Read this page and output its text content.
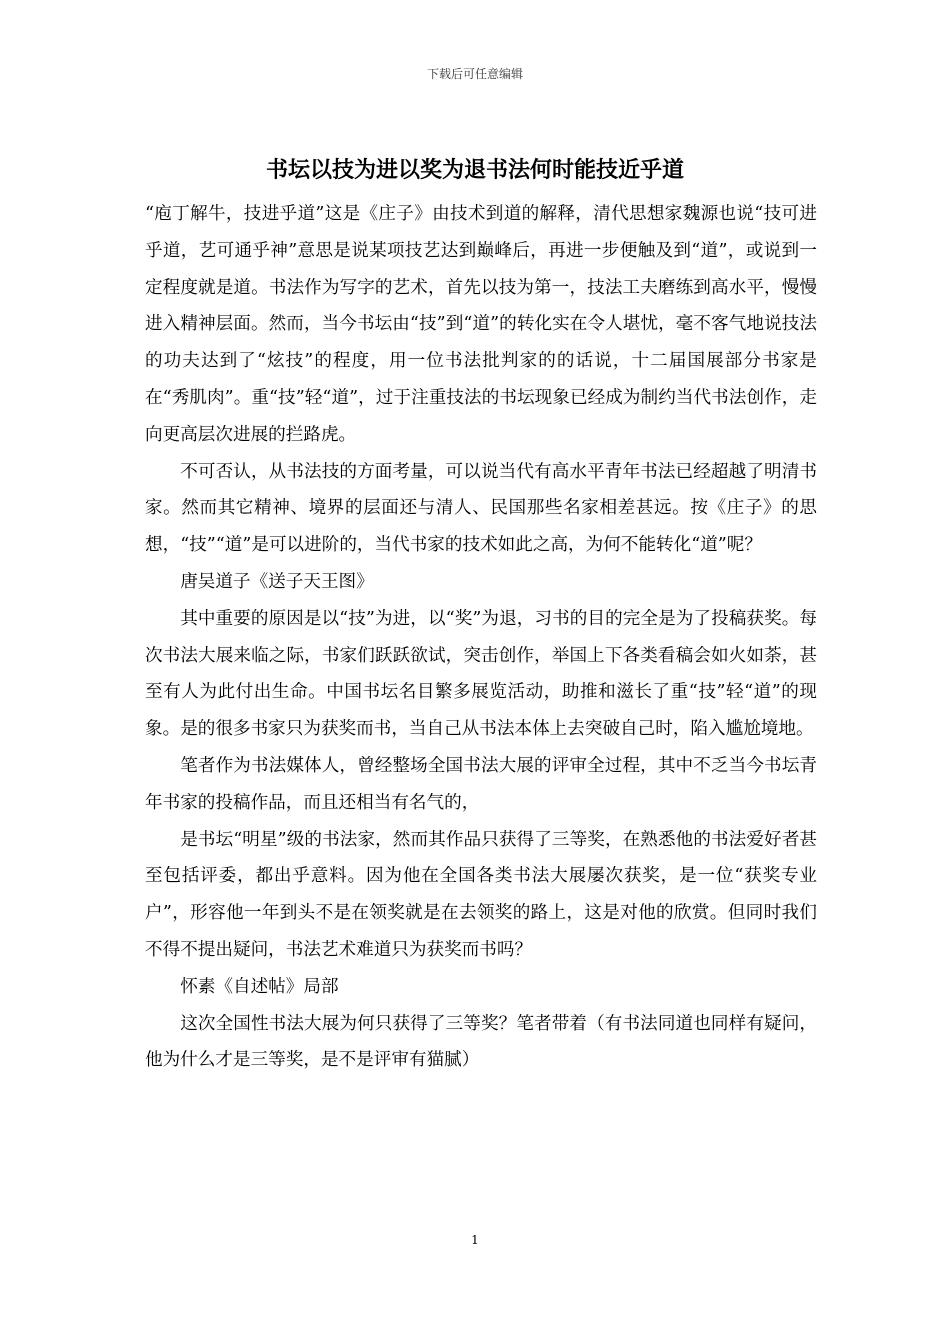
下载后可任意编辑
书坛以技为进以奖为退书法何时能技近乎道

“庖丁解牛，技进乎道”这是《庄子》由技术到道的解释，清代思想家魏源也说“技可进乎道，艺可通乎神”意思是说某项技艺达到巅峰后，再进一步便触及到“道”，或说到一定程度就是道。书法作为写字的艺术，首先以技为第一，技法工夫磨练到高水平，慢慢进入精神层面。然而，当今书坛由“技”到“道”的转化实在令人堪忧，毫不客气地说技法的功夫达到了“炫技”的程度，用一位书法批判家的的话说，十二届国展部分书家是在“秀肌肉”。重“技”轻“道”，过于注重技法的书坛现象已经成为制约当代书法创作，走向更高层次进展的拦路虎。

不可否认，从书法技的方面考量，可以说当代有高水平青年书法已经超越了明清书家。然而其它精神、境界的层面还与清人、民国那些名家相差甚远。按《庄子》的思想，“技”“道”是可以进阶的，当代书家的技术如此之高，为何不能转化“道”呢？

唐吴道子《送子天王图》

其中重要的原因是以“技”为进，以“奖”为退，习书的目的完全是为了投稿获奖。每次书法大展来临之际，书家们跃跃欲试，突击创作，举国上下各类看稿会如火如荼，甚至有人为此付出生命。中国书坛名目繁多展览活动，助推和滋长了重“技”轻“道”的现象。是的很多书家只为获奖而书，当自己从书法本体上去突破自己时，陷入尴尬境地。

笔者作为书法媒体人，曾经整场全国书法大展的评审全过程，其中不乏当今书坛青年书家的投稿作品，而且还相当有名气的，

是书坛“明星”级的书法家，然而其作品只获得了三等奖，在熟悉他的书法爱好者甚至包括评委，都出乎意料。因为他在全国各类书法大展屡次获奖，是一位“获奖专业户”，形容他一年到头不是在领奖就是在去领奖的路上，这是对他的欣赏。但同时我们不得不提出疑问，书法艺术难道只为获奖而书吗？

怀素《自述帖》局部

这次全国性书法大展为何只获得了三等奖？笔者带着（有书法同道也同样有疑问，他为什么才是三等奖，是不是评审有猫腻）

1
